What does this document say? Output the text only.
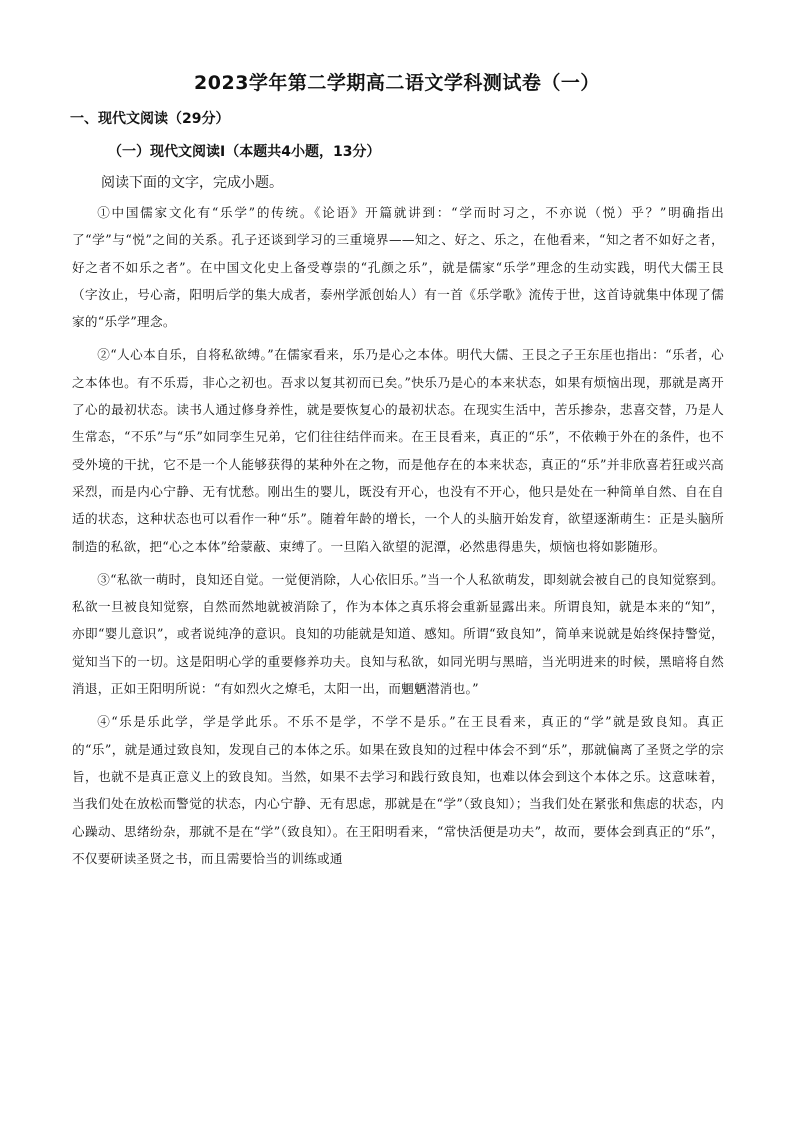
2023学年第二学期高二语文学科测试卷（一）
一、现代文阅读（29分）
（一）现代文阅读Ⅰ（本题共4小题，13分）
阅读下面的文字，完成小题。

①中国儒家文化有“乐学”的传统。《论语》开篇就讲到：“学而时习之，不亦说（悦）乎？”明确指出了“学”与“悦”之间的关系。孔子还谈到学习的三重境界——知之、好之、乐之，在他看来，“知之者不如好之者，好之者不如乐之者”。在中国文化史上备受尊崇的“孔颜之乐”，就是儒家“乐学”理念的生动实践，明代大儒王艮（字汝止，号心斋，阳明后学的集大成者，泰州学派创始人）有一首《乐学歌》流传于世，这首诗就集中体现了儒家的“乐学”理念。

②“人心本自乐，自将私欲缚。”在儒家看来，乐乃是心之本体。明代大儒、王艮之子王东厓也指出：“乐者，心之本体也。有不乐焉，非心之初也。吾求以复其初而已矣。”快乐乃是心的本来状态，如果有烦恼出现，那就是离开了心的最初状态。读书人通过修身养性，就是要恢复心的最初状态。在现实生活中，苦乐掺杂，悲喜交替，乃是人生常态，“不乐”与“乐”如同孪生兄弟，它们往往结伴而来。在王艮看来，真正的“乐”，不依赖于外在的条件，也不受外境的干扰，它不是一个人能够获得的某种外在之物，而是他存在的本来状态，真正的“乐”并非欣喜若狂或兴高采烈，而是内心宁静、无有忧愁。刚出生的婴儿，既没有开心，也没有不开心，他只是处在一种简单自然、自在自适的状态，这种状态也可以看作一种“乐”。随着年龄的增长，一个人的头脑开始发育，欲望逐渐萌生：正是头脑所制造的私欲，把“心之本体”给蒙蔽、束缚了。一旦陷入欲望的泥潭，必然患得患失，烦恼也将如影随形。

③“私欲一萌时，良知还自觉。一觉便消除，人心依旧乐。”当一个人私欲萌发，即刻就会被自己的良知觉察到。私欲一旦被良知觉察，自然而然地就被消除了，作为本体之真乐将会重新显露出来。所谓良知，就是本来的“知”，亦即“婴儿意识”，或者说纯净的意识。良知的功能就是知道、感知。所谓“致良知”，简单来说就是始终保持警觉，觉知当下的一切。这是阳明心学的重要修养功夫。良知与私欲，如同光明与黑暗，当光明进来的时候，黑暗将自然消退，正如王阳明所说：“有如烈火之燎毛，太阳一出，而魍魉潜消也。”

④“乐是乐此学，学是学此乐。不乐不是学，不学不是乐。”在王艮看来，真正的“学”就是致良知。真正的“乐”，就是通过致良知，发现自己的本体之乐。如果在致良知的过程中体会不到“乐”，那就偏离了圣贤之学的宗旨，也就不是真正意义上的致良知。当然，如果不去学习和践行致良知，也难以体会到这个本体之乐。这意味着，当我们处在放松而警觉的状态，内心宁静、无有思虑，那就是在“学”（致良知）；当我们处在紧张和焦虑的状态，内心躁动、思绪纷杂，那就不是在“学”（致良知）。在王阳明看来，“常快活便是功夫”，故而，要体会到真正的“乐”，不仅要研读圣贤之书，而且需要恰当的训练或通
